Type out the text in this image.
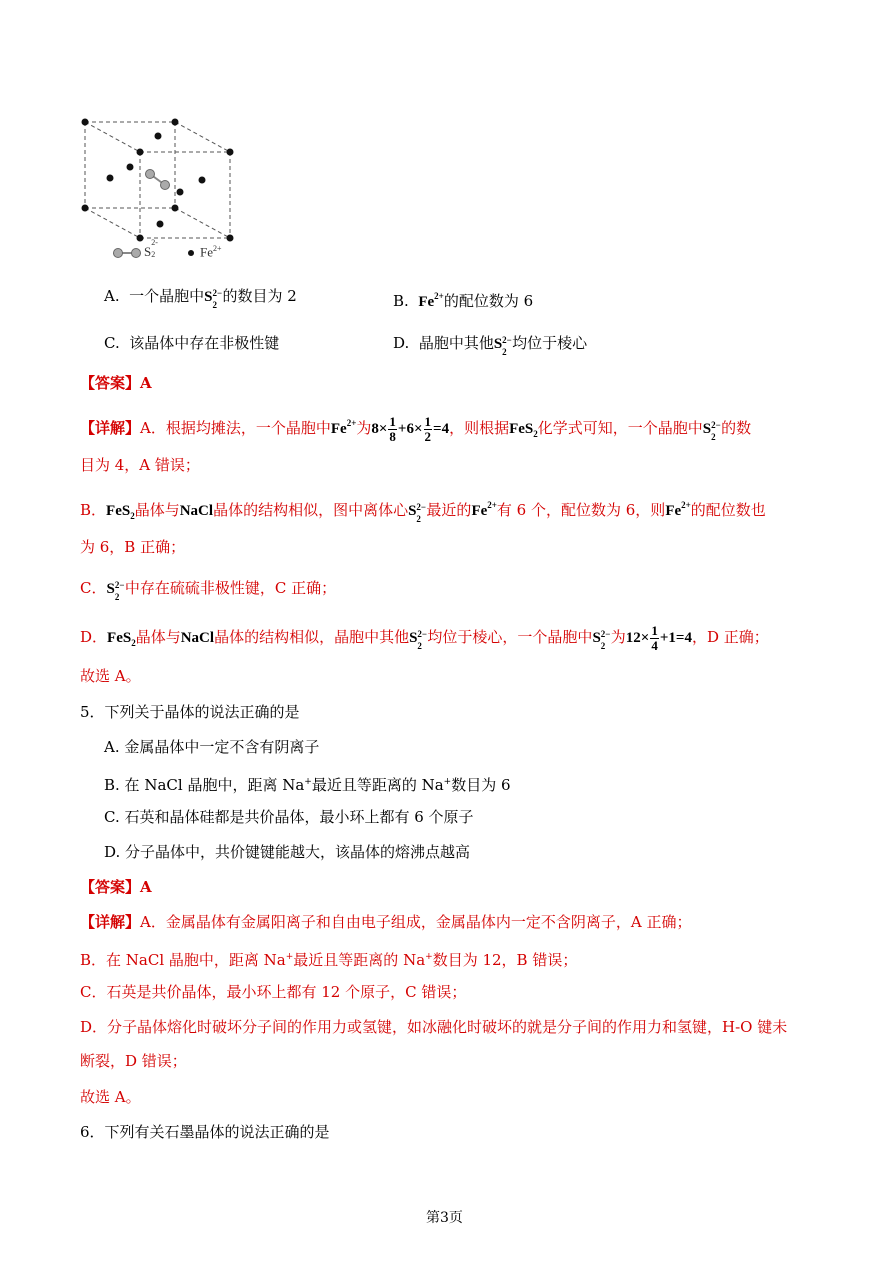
S
2-
2	$Fe^{2+}$
A. 一个晶胞中S 2−
2 的数目为 2	B. $Fe^{2+}$的配位数为 6
C. 该晶体中存在非极性键	D. 晶胞中其他S 2−
2 均位于棱心
【答案】A
【详解】A．根据均摊法，一个晶胞中$Fe^{2+}$为$8\times \frac{1}{8} +6\times \frac{1}{2} =4$，则根据FeS$_2$化学式可知，一个晶胞中S 2−
2 的数
目为 4，A 错误；
B．FeS$_2$晶体与NaCl晶体的结构相似，图中离体心S 2−
2 最近的$Fe^{2+}$有 6 个，配位数为 6，则$Fe^{2+}$的配位数也
为 6，B 正确；
C．S 2−
2 中存在硫硫非极性键，C 正确；
D．FeS$_2$晶体与NaCl晶体的结构相似，晶胞中其他S 2−
2 均位于棱心，一个晶胞中S 2−
2 为$12\times \frac{1}{4} +1=4$，D 正确；
故选 A。
5．下列关于晶体的说法正确的是
A. 金属晶体中一定不含有阴离子
B. 在 NaCl 晶胞中，距离 Na+最近且等距离的 Na+数目为 6
C. 石英和晶体硅都是共价晶体，最小环上都有 6 个原子
D. 分子晶体中，共价键键能越大，该晶体的熔沸点越高
【答案】A
【详解】A．金属晶体有金属阳离子和自由电子组成，金属晶体内一定不含阴离子，A 正确；
B．在 NaCl 晶胞中，距离 Na+最近且等距离的 Na+数目为 12，B 错误；
C．石英是共价晶体，最小环上都有 12 个原子，C 错误；
D．分子晶体熔化时破坏分子间的作用力或氢键，如冰融化时破坏的就是分子间的作用力和氢键，H-O 键未
断裂，D 错误；
故选 A。
6．下列有关石墨晶体的说法正确的是
第3页
